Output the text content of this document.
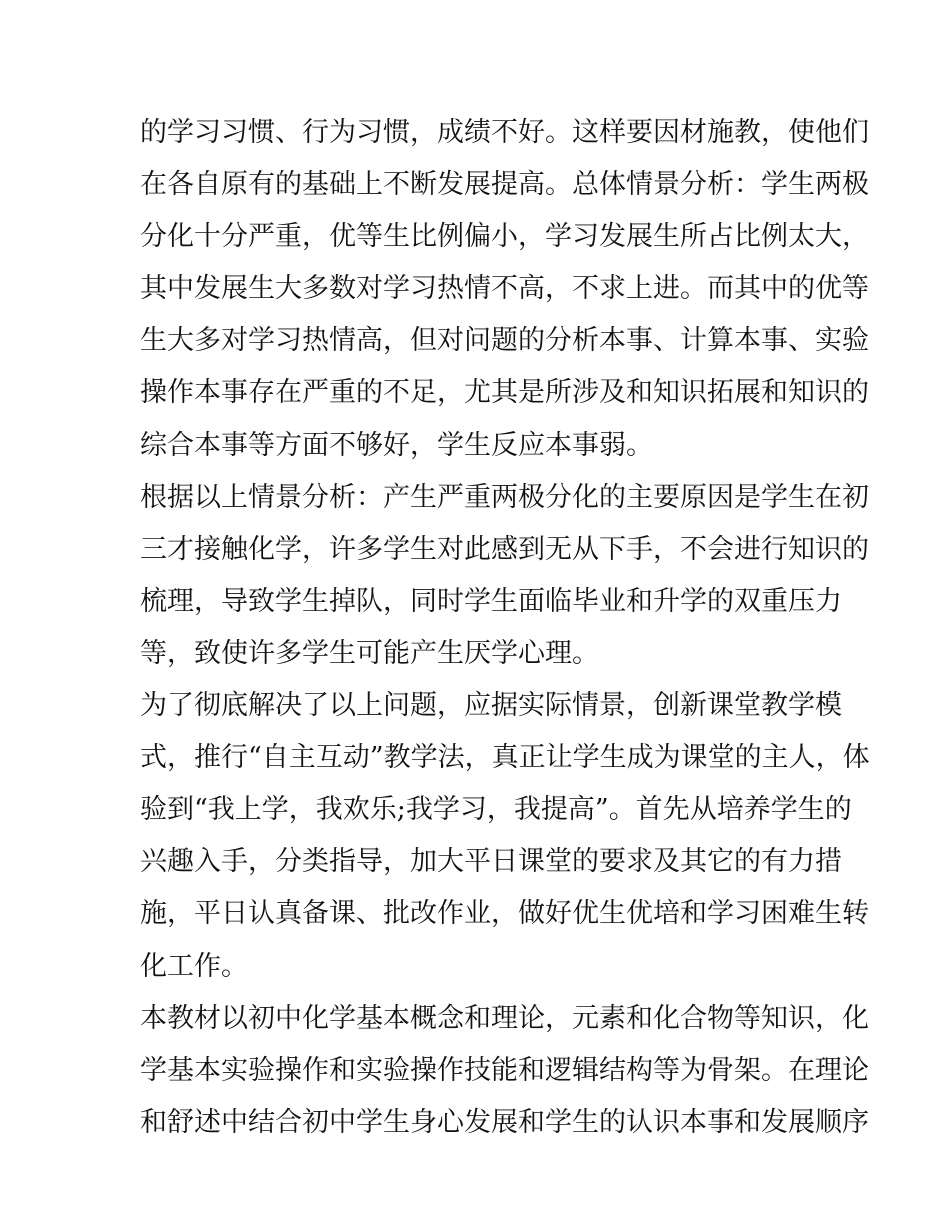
的学习习惯、行为习惯，成绩不好。这样要因材施教，使他们
在各自原有的基础上不断发展提高。总体情景分析：学生两极
分化十分严重，优等生比例偏小，学习发展生所占比例太大，
其中发展生大多数对学习热情不高，不求上进。而其中的优等
生大多对学习热情高，但对问题的分析本事、计算本事、实验
操作本事存在严重的不足，尤其是所涉及和知识拓展和知识的
综合本事等方面不够好，学生反应本事弱。
根据以上情景分析：产生严重两极分化的主要原因是学生在初
三才接触化学，许多学生对此感到无从下手，不会进行知识的
梳理，导致学生掉队，同时学生面临毕业和升学的双重压力
等，致使许多学生可能产生厌学心理。
为了彻底解决了以上问题，应据实际情景，创新课堂教学模
式，推行“自主互动”教学法，真正让学生成为课堂的主人，体
验到“我上学，我欢乐;我学习，我提高”。首先从培养学生的
兴趣入手，分类指导，加大平日课堂的要求及其它的有力措
施，平日认真备课、批改作业，做好优生优培和学习困难生转
化工作。
本教材以初中化学基本概念和理论，元素和化合物等知识，化
学基本实验操作和实验操作技能和逻辑结构等为骨架。在理论
和舒述中结合初中学生身心发展和学生的认识本事和发展顺序
